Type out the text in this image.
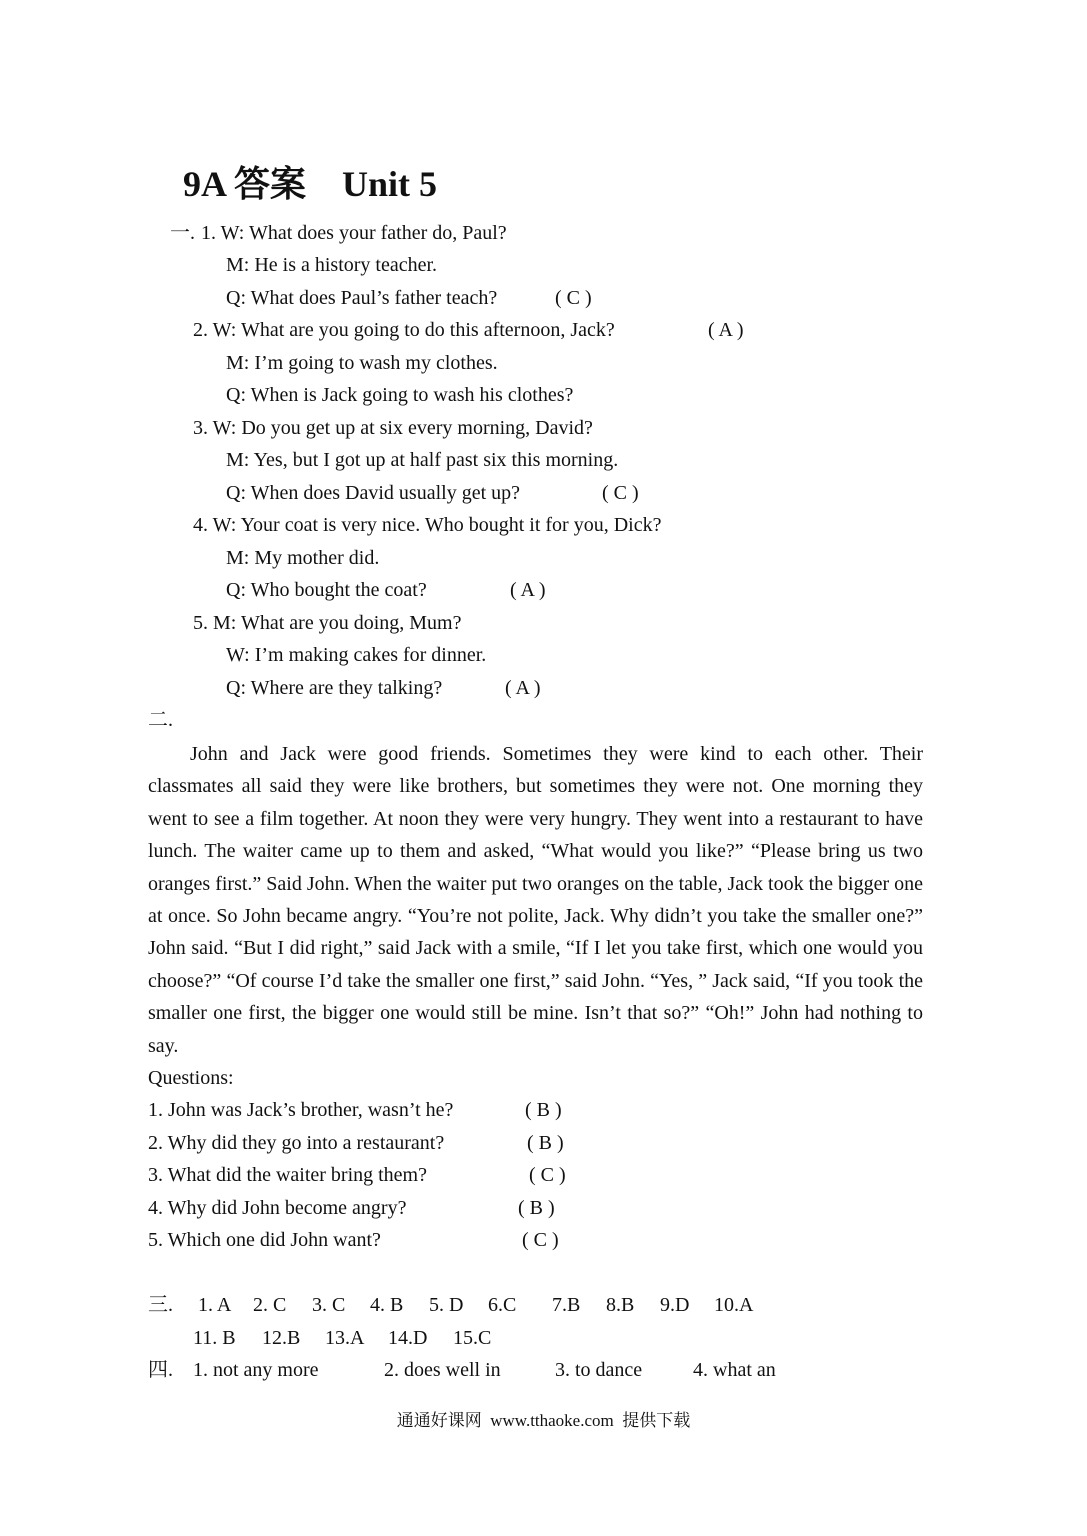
9A 答案    Unit 5
一. 1. W: What does your father do, Paul?
M: He is a history teacher.
Q: What does Paul’s father teach?	( C )
2. W: What are you going to do this afternoon, Jack?	( A )
M: I’m going to wash my clothes.
Q: When is Jack going to wash his clothes?
3. W: Do you get up at six every morning, David?
M: Yes, but I got up at half past six this morning.
Q: When does David usually get up?	( C )
4. W: Your coat is very nice. Who bought it for you, Dick?
M: My mother did.
Q: Who bought the coat?	( A )
5. M: What are you doing, Mum?
W: I’m making cakes for dinner.
Q: Where are they talking?	( A )
二.
John and Jack were good friends. Sometimes they were kind to each other. Their classmates all said they were like brothers, but sometimes they were not. One morning they went to see a film together. At noon they were very hungry. They went into a restaurant to have lunch. The waiter came up to them and asked, “What would you like?” “Please bring us two oranges first.” Said John. When the waiter put two oranges on the table, Jack took the bigger one at once. So John became angry. “You’re not polite, Jack. Why didn’t you take the smaller one?” John said. “But I did right,” said Jack with a smile, “If I let you take first, which one would you choose?” “Of course I’d take the smaller one first,” said John. “Yes, ” Jack said, “If you took the smaller one first, the bigger one would still be mine. Isn’t that so?” “Oh!” John had nothing to say.
Questions:
1. John was Jack’s brother, wasn’t he?	( B )
2. Why did they go into a restaurant?	( B )
3. What did the waiter bring them?	( C )
4. Why did John become angry?	( B )
5. Which one did John want?	( C )
三. 1. A 2. C 3. C 4. B 5. D 6.C 7.B 8.B 9.D 10.A
11. B 12.B 13.A 14.D 15.C
四. 1. not any more	2. does well in	3. to dance	4. what an
通通好课网  www.tthaoke.com  提供下载
